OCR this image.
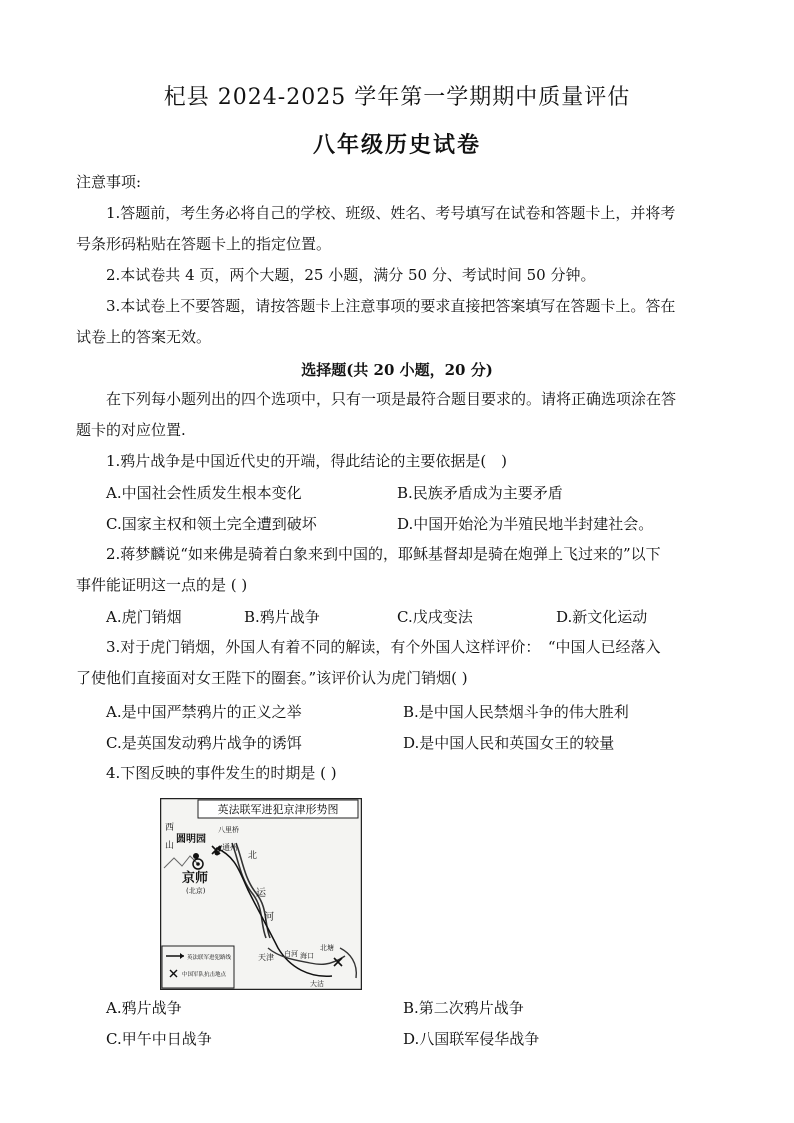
杞县 2024-2025 学年第一学期期中质量评估
八年级历史试卷
注意事项:
1.答题前，考生务必将自己的学校、班级、姓名、考号填写在试卷和答题卡上，并将考
号条形码粘贴在答题卡上的指定位置。
2.本试卷共 4 页，两个大题，25 小题，满分 50 分、考试时间 50 分钟。
3.本试卷上不要答题，请按答题卡上注意事项的要求直接把答案填写在答题卡上。答在
试卷上的答案无效。
选择题(共 20 小题，20 分)
在下列每小题列出的四个选项中，只有一项是最符合题目要求的。请将正确选项涂在答
题卡的对应位置.
1.鸦片战争是中国近代史的开端，得此结论的主要依据是(　)
A.中国社会性质发生根本变化	B.民族矛盾成为主要矛盾
C.国家主权和领土完全遭到破坏	D.中国开始沦为半殖民地半封建社会。
2.蒋梦麟说“如来佛是骑着白象来到中国的，耶稣基督却是骑在炮弹上飞过来的”以下
事件能证明这一点的是 ( )
A.虎门销烟	B.鸦片战争	C.戊戌变法	D.新文化运动
3.对于虎门销烟，外国人有着不同的解读，有个外国人这样评价：　“中国人已经落入
了使他们直接面对女王陛下的圈套。”该评价认为虎门销烟( )
A.是中国严禁鸦片的正义之举	B.是中国人民禁烟斗争的伟大胜利
C.是英国发动鸦片战争的诱饵	D.是中国人民和英国女王的较量
4.下图反映的事件发生的时期是 ( )
英法联军进犯京津形势图
西
山
圆明园
八里桥
通州
北
京师
(北京)	运
河
天津 白河 海口
北塘
大沽
英法联军进犯路线
中国军队抗击地点
A.鸦片战争	B.第二次鸦片战争
C.甲午中日战争	D.八国联军侵华战争
